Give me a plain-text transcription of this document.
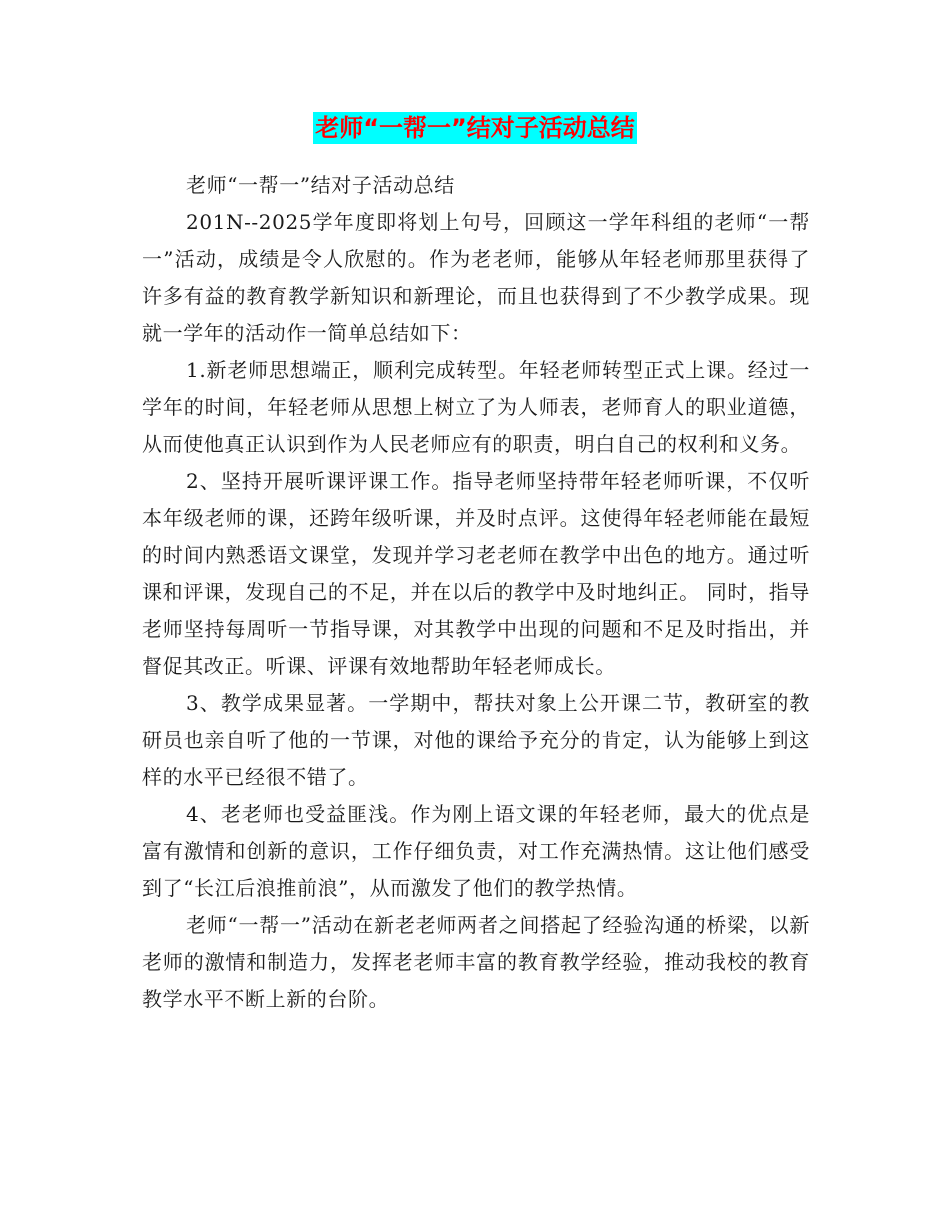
老师“一帮一”结对子活动总结

老师“一帮一”结对子活动总结

201N--2025学年度即将划上句号，回顾这一学年科组的老师“一帮一”活动，成绩是令人欣慰的。作为老老师，能够从年轻老师那里获得了许多有益的教育教学新知识和新理论，而且也获得到了不少教学成果。现就一学年的活动作一简单总结如下：

1.新老师思想端正，顺利完成转型。年轻老师转型正式上课。经过一学年的时间，年轻老师从思想上树立了为人师表，老师育人的职业道德，从而使他真正认识到作为人民老师应有的职责，明白自己的权利和义务。

2、坚持开展听课评课工作。指导老师坚持带年轻老师听课，不仅听本年级老师的课，还跨年级听课，并及时点评。这使得年轻老师能在最短的时间内熟悉语文课堂，发现并学习老老师在教学中出色的地方。通过听课和评课，发现自己的不足，并在以后的教学中及时地纠正。 同时，指导老师坚持每周听一节指导课，对其教学中出现的问题和不足及时指出，并督促其改正。听课、评课有效地帮助年轻老师成长。

3、教学成果显著。一学期中，帮扶对象上公开课二节，教研室的教研员也亲自听了他的一节课，对他的课给予充分的肯定，认为能够上到这样的水平已经很不错了。

4、老老师也受益匪浅。作为刚上语文课的年轻老师，最大的优点是富有激情和创新的意识，工作仔细负责，对工作充满热情。这让他们感受到了“长江后浪推前浪”，从而激发了他们的教学热情。

老师“一帮一”活动在新老老师两者之间搭起了经验沟通的桥梁，以新老师的激情和制造力，发挥老老师丰富的教育教学经验，推动我校的教育教学水平不断上新的台阶。
